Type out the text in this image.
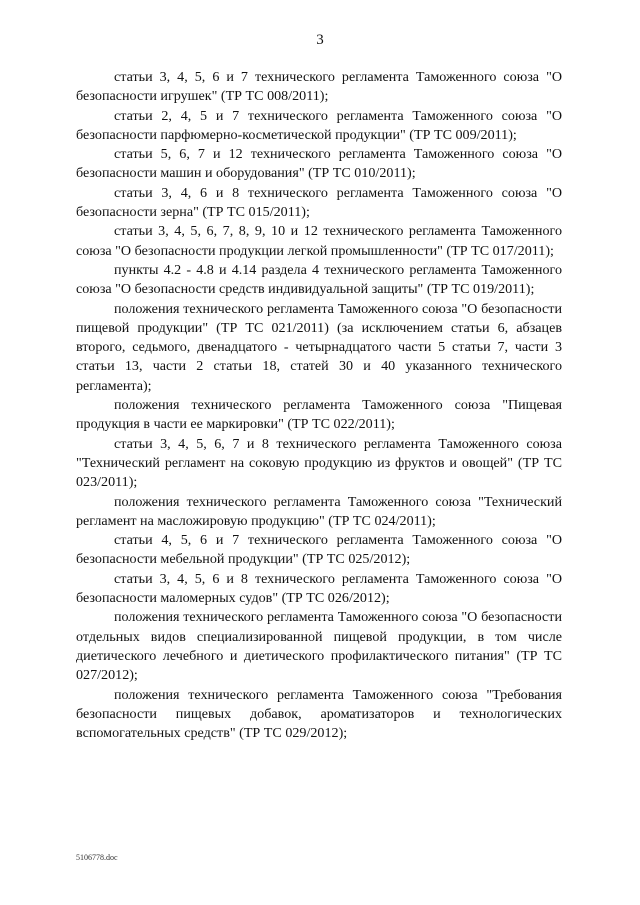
3

статьи 3, 4, 5, 6 и 7 технического регламента Таможенного союза "О безопасности игрушек" (ТР ТС 008/2011);

статьи 2, 4, 5 и 7 технического регламента Таможенного союза "О безопасности парфюмерно-косметической продукции" (ТР ТС 009/2011);

статьи 5, 6, 7 и 12 технического регламента Таможенного союза "О безопасности машин и оборудования" (ТР ТС 010/2011);

статьи 3, 4, 6 и 8 технического регламента Таможенного союза "О безопасности зерна" (ТР ТС 015/2011);

статьи 3, 4, 5, 6, 7, 8, 9, 10 и 12 технического регламента Таможенного союза "О безопасности продукции легкой промышленности" (ТР ТС 017/2011);

пункты 4.2 - 4.8 и 4.14 раздела 4 технического регламента Таможенного союза "О безопасности средств индивидуальной защиты" (ТР ТС 019/2011);

положения технического регламента Таможенного союза "О безопасности пищевой продукции" (ТР ТС 021/2011) (за исключением статьи 6, абзацев второго, седьмого, двенадцатого - четырнадцатого части 5 статьи 7, части 3 статьи 13, части 2 статьи 18, статей 30 и 40 указанного технического регламента);

положения технического регламента Таможенного союза "Пищевая продукция в части ее маркировки" (ТР ТС 022/2011);

статьи 3, 4, 5, 6, 7 и 8 технического регламента Таможенного союза "Технический регламент на соковую продукцию из фруктов и овощей" (ТР ТС 023/2011);

положения технического регламента Таможенного союза "Технический регламент на масложировую продукцию" (ТР ТС 024/2011);

статьи 4, 5, 6 и 7 технического регламента Таможенного союза "О безопасности мебельной продукции" (ТР ТС 025/2012);

статьи 3, 4, 5, 6 и 8 технического регламента Таможенного союза "О безопасности маломерных судов" (ТР ТС 026/2012);

положения технического регламента Таможенного союза "О безопасности отдельных видов специализированной пищевой продукции, в том числе диетического лечебного и диетического профилактического питания" (ТР ТС 027/2012);

положения технического регламента Таможенного союза "Требования безопасности пищевых добавок, ароматизаторов и технологических вспомогательных средств" (ТР ТС 029/2012);

5106778.doc
